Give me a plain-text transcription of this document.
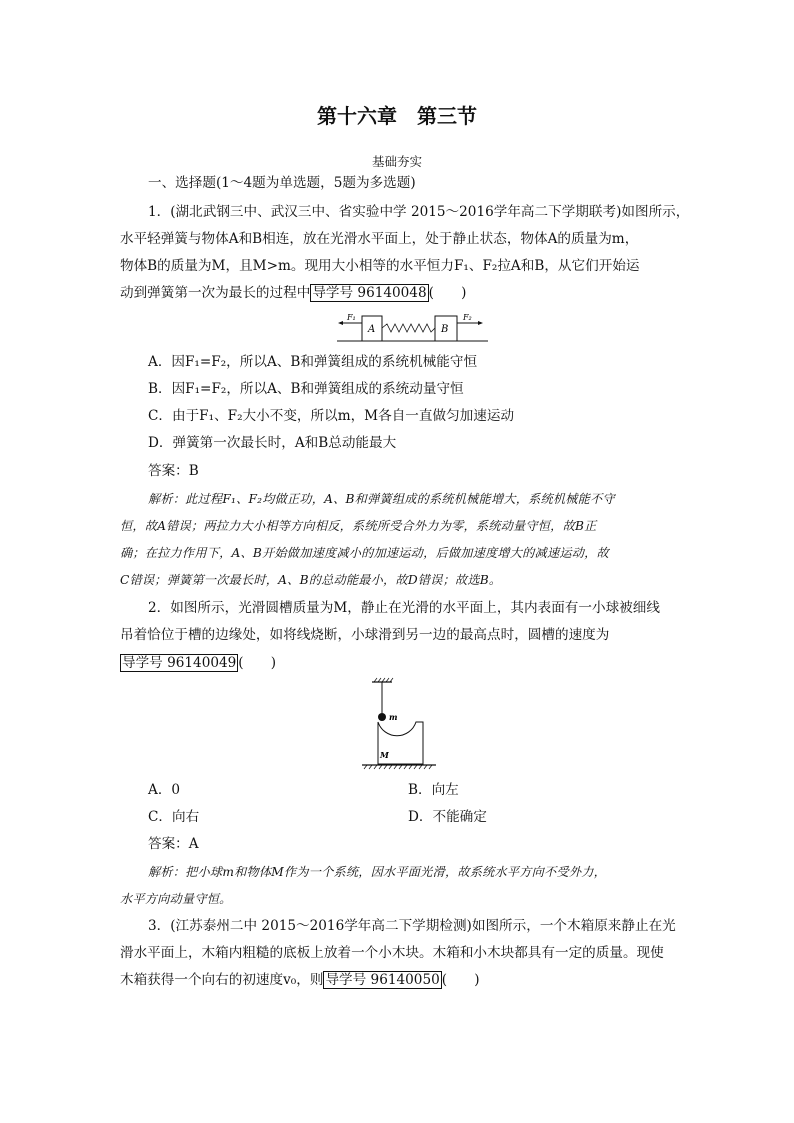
第十六章　第三节
基础夯实
一、选择题(1～4题为单选题，5题为多选题)
1．(湖北武钢三中、武汉三中、省实验中学 2015～2016学年高二下学期联考)如图所示，
水平轻弹簧与物体A和B相连，放在光滑水平面上，处于静止状态，物体A的质量为m，
物体B的质量为M，且M>m。现用大小相等的水平恒力F₁、F₂拉A和B，从它们开始运
动到弹簧第一次为最长的过程中 导学号 96140048 (　　)
F₁
A	B
F₂
A．因F₁=F₂，所以A、B和弹簧组成的系统机械能守恒
B．因F₁=F₂，所以A、B和弹簧组成的系统动量守恒
C．由于F₁、F₂大小不变，所以m，M各自一直做匀加速运动
D．弹簧第一次最长时，A和B总动能最大
答案：B
解析：此过程F₁、F₂均做正功，A、B和弹簧组成的系统机械能增大，系统机械能不守
恒，故A错误；两拉力大小相等方向相反，系统所受合外力为零，系统动量守恒，故B正
确；在拉力作用下，A、B开始做加速度减小的加速运动，后做加速度增大的减速运动，故
C错误；弹簧第一次最长时，A、B的总动能最小，故D错误；故选B。
2．如图所示，光滑圆槽质量为M，静止在光滑的水平面上，其内表面有一小球被细线
吊着恰位于槽的边缘处，如将线烧断，小球滑到另一边的最高点时，圆槽的速度为
导学号 96140049 (　　)
m
M
A．0	B．向左
C．向右	D．不能确定
答案：A
解析：把小球m和物体M作为一个系统，因水平面光滑，故系统水平方向不受外力，
水平方向动量守恒。
3．(江苏泰州二中 2015～2016学年高二下学期检测)如图所示，一个木箱原来静止在光
滑水平面上，木箱内粗糙的底板上放着一个小木块。木箱和小木块都具有一定的质量。现使
木箱获得一个向右的初速度v₀，则 导学号 96140050 (　　)
